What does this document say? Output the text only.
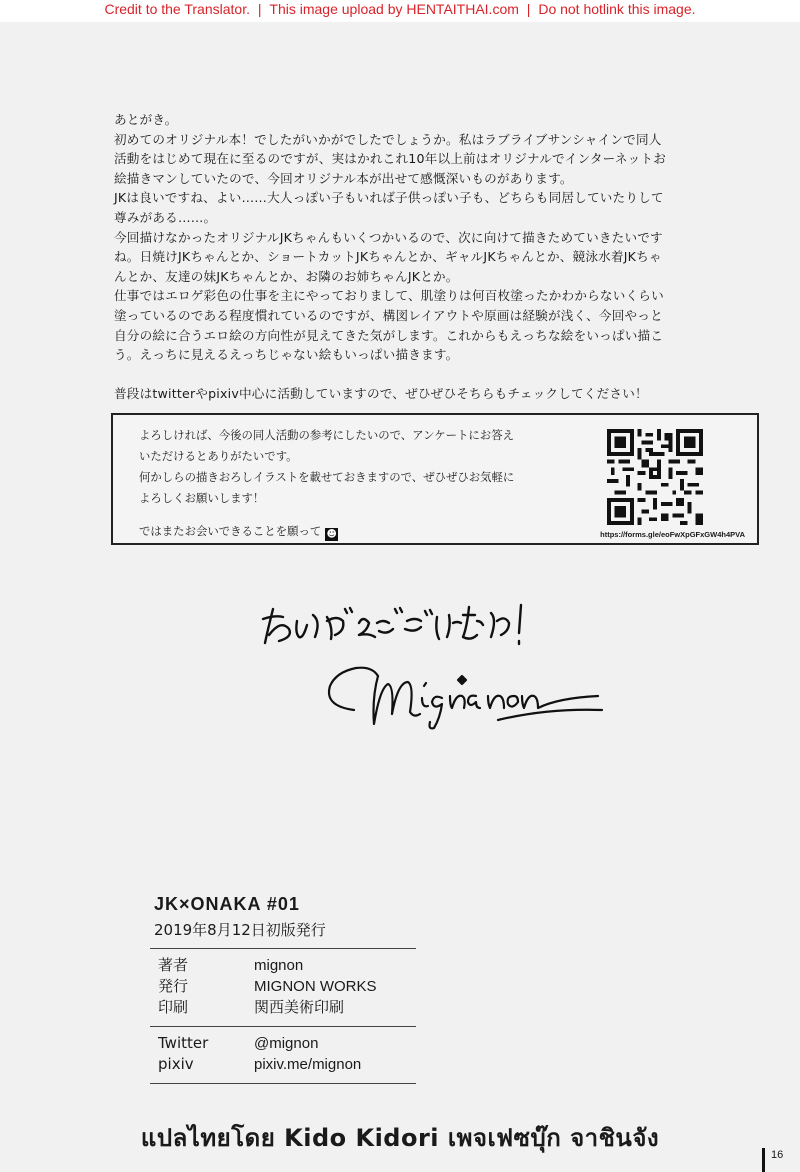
Credit to the Translator. | This image upload by HENTAITHAI.com | Do not hotlink this image.

あとがき。

初めてのオリジナル本！でしたがいかがでしたでしょうか。私はラブライブサンシャインで同人

活動をはじめて現在に至るのですが、実はかれこれ10年以上前はオリジナルでインターネットお

絵描きマンしていたので、今回オリジナル本が出せて感慨深いものがあります。

JKは良いですね、よい……大人っぽい子もいれば子供っぽい子も、どちらも同居していたりして

尊みがある……。

今回描けなかったオリジナルJKちゃんもいくつかいるので、次に向けて描きためていきたいです

ね。日焼けJKちゃんとか、ショートカットJKちゃんとか、ギャルJKちゃんとか、競泳水着JKちゃ

んとか、友達の妹JKちゃんとか、お隣のお姉ちゃんJKとか。

仕事ではエロゲ彩色の仕事を主にやっておりまして、肌塗りは何百枚塗ったかわからないくらい

塗っているのである程度慣れているのですが、構図レイアウトや原画は経験が浅く、今回やっと

自分の絵に合うエロ絵の方向性が見えてきた気がします。これからもえっちな絵をいっぱい描こ

う。えっちに見えるえっちじゃない絵もいっぱい描きます。

普段はtwitterやpixiv中心に活動していますので、ぜひぜひそちらもチェックしてください！

よろしければ、今後の同人活動の参考にしたいので、アンケートにお答え

いただけるとありがたいです。

何かしらの描きおろしイラストを載せておきますので、ぜひぜひお気軽に

よろしくお願いします！

ではまたお会いできることを願って ☻	https://forms.gle/eoFwXpGFxGW4h4PVA
JK×ONAKA #01
2019年8月12日初版発行
著者	mignon
発行	MIGNON WORKS
印刷	関西美術印刷
Twitter	@mignon
pixiv	pixiv.me/mignon
แปลไทยโดย Kido Kidori เพจเฟซบุ๊ก จาชินจัง
16
